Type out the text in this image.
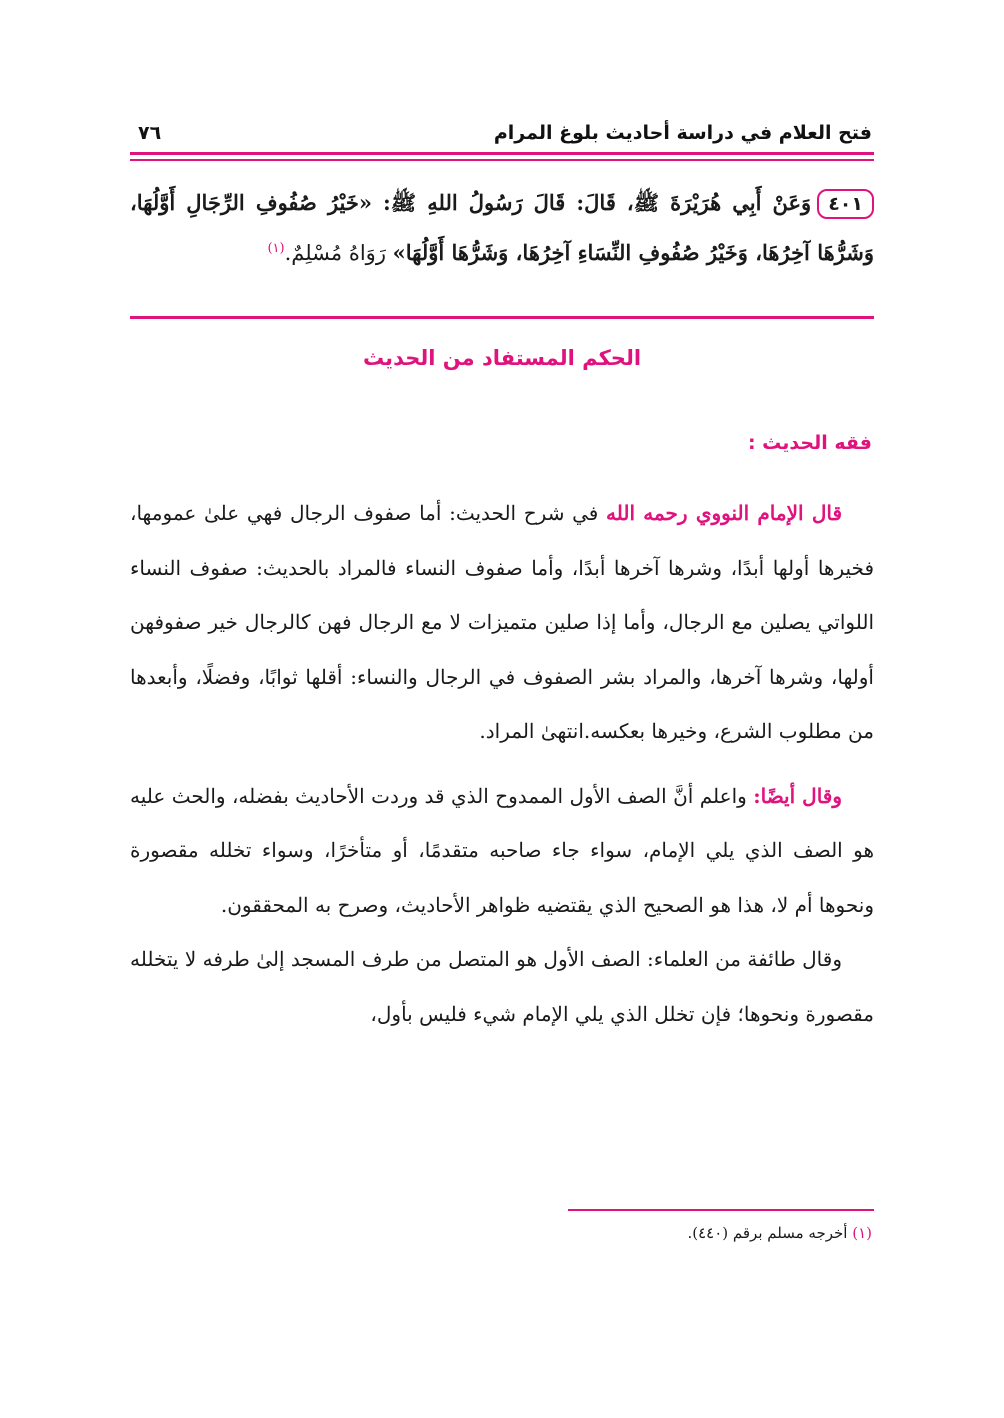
فتح العلام في دراسة أحاديث بلوغ المرام
٧٦
٤٠١وَعَنْ أَبِي هُرَيْرَةَ ﷺ، قَالَ: قَالَ رَسُولُ اللهِ ﷺ: «خَيْرُ صُفُوفِ الرِّجَالِ أَوَّلُهَا، وَشَرُّهَا آخِرُهَا، وَخَيْرُ صُفُوفِ النِّسَاءِ آخِرُهَا، وَشَرُّهَا أَوَّلُهَا» رَوَاهُ مُسْلِمٌ.$^{(١)}$
الحكم المستفاد من الحديث
فقه الحديث :

قال الإمام النووي رحمه الله في شرح الحديث: أما صفوف الرجال فهي علىٰ عمومها، فخيرها أولها أبدًا، وشرها آخرها أبدًا، وأما صفوف النساء فالمراد بالحديث: صفوف النساء اللواتي يصلين مع الرجال، وأما إذا صلين متميزات لا مع الرجال فهن كالرجال خير صفوفهن أولها، وشرها آخرها، والمراد بشر الصفوف في الرجال والنساء: أقلها ثوابًا، وفضلًا، وأبعدها من مطلوب الشرع، وخيرها بعكسه.انتهىٰ المراد.

وقال أيضًا: واعلم أنَّ الصف الأول الممدوح الذي قد وردت الأحاديث بفضله، والحث عليه هو الصف الذي يلي الإمام، سواء جاء صاحبه متقدمًا، أو متأخرًا، وسواء تخلله مقصورة ونحوها أم لا، هذا هو الصحيح الذي يقتضيه ظواهر الأحاديث، وصرح به المحققون.

وقال طائفة من العلماء: الصف الأول هو المتصل من طرف المسجد إلىٰ طرفه لا يتخلله مقصورة ونحوها؛ فإن تخلل الذي يلي الإمام شيء فليس بأول،

(١) أخرجه مسلم برقم (٤٤٠).
